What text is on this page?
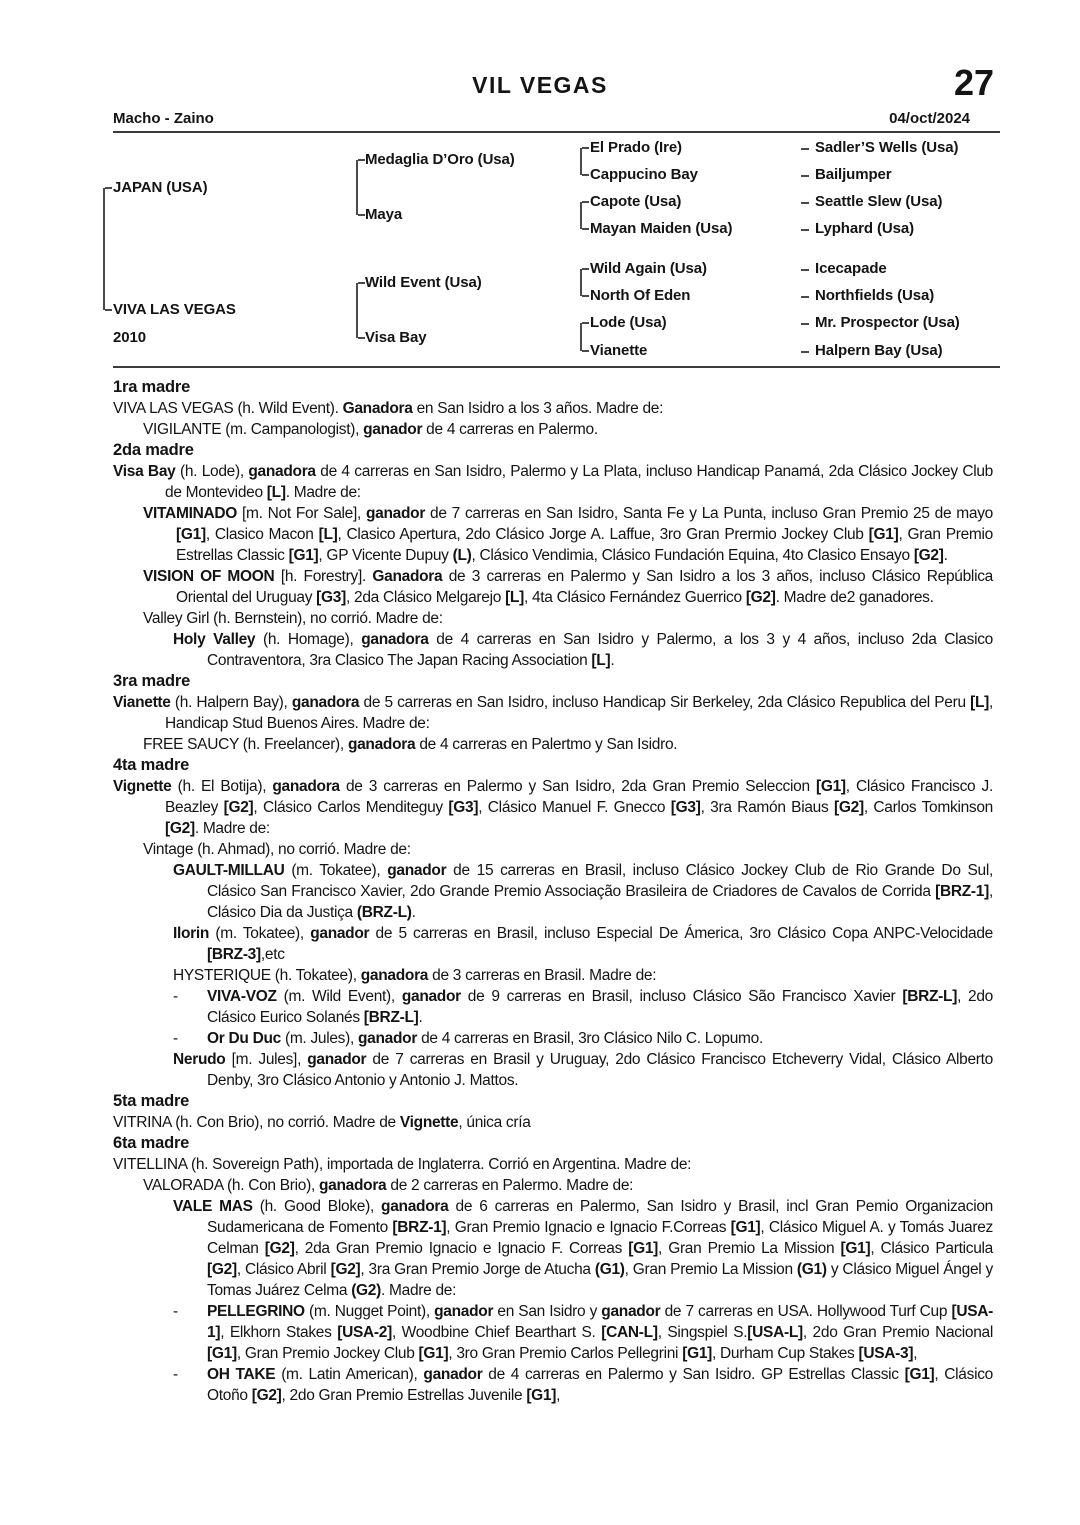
VIL VEGAS	27
Macho - Zaino	04/oct/2024
JAPAN (USA)
VIVA LAS VEGAS
2010
Medaglia D’Oro (Usa)
Maya
Wild Event (Usa)
Visa Bay
El Prado (Ire)
Cappucino Bay
Capote (Usa)
Mayan Maiden (Usa)
Wild Again (Usa)
North Of Eden
Lode (Usa)
Vianette
Sadler’S Wells (Usa)
Bailjumper
Seattle Slew (Usa)
Lyphard (Usa)
Icecapade
Northfields (Usa)
Mr. Prospector (Usa)
Halpern Bay (Usa)
1ra madre

VIVA LAS VEGAS (h. Wild Event). Ganadora en San Isidro a los 3 años. Madre de:

VIGILANTE (m. Campanologist), ganador de 4 carreras en Palermo.

2da madre

Visa Bay (h. Lode), ganadora de 4 carreras en San Isidro, Palermo y La Plata, incluso Handicap Panamá, 2da Clásico Jockey Club de Montevideo [L]. Madre de:

VITAMINADO [m. Not For Sale], ganador de 7 carreras en San Isidro, Santa Fe y La Punta, incluso Gran Premio 25 de mayo [G1], Clasico Macon [L], Clasico Apertura, 2do Clásico Jorge A. Laffue, 3ro Gran Prermio Jockey Club [G1], Gran Premio Estrellas Classic [G1], GP Vicente Dupuy (L), Clásico Vendimia, Clásico Fundación Equina, 4to Clasico Ensayo [G2].

VISION OF MOON [h. Forestry]. Ganadora de 3 carreras en Palermo y San Isidro a los 3 años, incluso Clásico República Oriental del Uruguay [G3], 2da Clásico Melgarejo [L], 4ta Clásico Fernández Guerrico [G2]. Madre de2 ganadores.

Valley Girl (h. Bernstein), no corrió. Madre de:

Holy Valley (h. Homage), ganadora de 4 carreras en San Isidro y Palermo, a los 3 y 4 años, incluso 2da Clasico Contraventora, 3ra Clasico The Japan Racing Association [L].

3ra madre

Vianette (h. Halpern Bay), ganadora de 5 carreras en San Isidro, incluso Handicap Sir Berkeley, 2da Clásico Republica del Peru [L], Handicap Stud Buenos Aires. Madre de:

FREE SAUCY (h. Freelancer), ganadora de 4 carreras en Palertmo y San Isidro.

4ta madre

Vignette (h. El Botija), ganadora de 3 carreras en Palermo y San Isidro, 2da Gran Premio Seleccion [G1], Clásico Francisco J. Beazley [G2], Clásico Carlos Menditeguy [G3], Clásico Manuel F. Gnecco [G3], 3ra Ramón Biaus [G2], Carlos Tomkinson [G2]. Madre de:

Vintage (h. Ahmad), no corrió. Madre de:

GAULT-MILLAU (m. Tokatee), ganador de 15 carreras en Brasil, incluso Clásico Jockey Club de Rio Grande Do Sul, Clásico San Francisco Xavier, 2do Grande Premio Associação Brasileira de Criadores de Cavalos de Corrida [BRZ-1], Clásico Dia da Justiça (BRZ-L).

Ilorin (m. Tokatee), ganador de 5 carreras en Brasil, incluso Especial De Ámerica, 3ro Clásico Copa ANPC-Velocidade [BRZ-3],etc

HYSTERIQUE (h. Tokatee), ganadora de 3 carreras en Brasil. Madre de:

- VIVA-VOZ (m. Wild Event), ganador de 9 carreras en Brasil, incluso Clásico São Francisco Xavier [BRZ-L], 2do Clásico Eurico Solanés [BRZ-L].

- Or Du Duc (m. Jules), ganador de 4 carreras en Brasil, 3ro Clásico Nilo C. Lopumo.

Nerudo [m. Jules], ganador de 7 carreras en Brasil y Uruguay, 2do Clásico Francisco Etcheverry Vidal, Clásico Alberto Denby, 3ro Clásico Antonio y Antonio J. Mattos.

5ta madre

VITRINA (h. Con Brio), no corrió. Madre de Vignette, única cría

6ta madre

VITELLINA (h. Sovereign Path), importada de Inglaterra. Corrió en Argentina. Madre de:

VALORADA (h. Con Brio), ganadora de 2 carreras en Palermo. Madre de:

VALE MAS (h. Good Bloke), ganadora de 6 carreras en Palermo, San Isidro y Brasil, incl Gran Pemio Organizacion Sudamericana de Fomento [BRZ-1], Gran Premio Ignacio e Ignacio F.Correas [G1], Clásico Miguel A. y Tomás Juarez Celman [G2], 2da Gran Premio Ignacio e Ignacio F. Correas [G1], Gran Premio La Mission [G1], Clásico Particula [G2], Clásico Abril [G2], 3ra Gran Premio Jorge de Atucha (G1), Gran Premio La Mission (G1) y Clásico Miguel Ángel y Tomas Juárez Celma (G2). Madre de:

- PELLEGRINO (m. Nugget Point), ganador en San Isidro y ganador de 7 carreras en USA. Hollywood Turf Cup [USA-1], Elkhorn Stakes [USA-2], Woodbine Chief Bearthart S. [CAN-L], Singspiel S.[USA-L], 2do Gran Premio Nacional [G1], Gran Premio Jockey Club [G1], 3ro Gran Premio Carlos Pellegrini [G1], Durham Cup Stakes [USA-3],

- OH TAKE (m. Latin American), ganador de 4 carreras en Palermo y San Isidro. GP Estrellas Classic [G1], Clásico Otoño [G2], 2do Gran Premio Estrellas Juvenile [G1],
